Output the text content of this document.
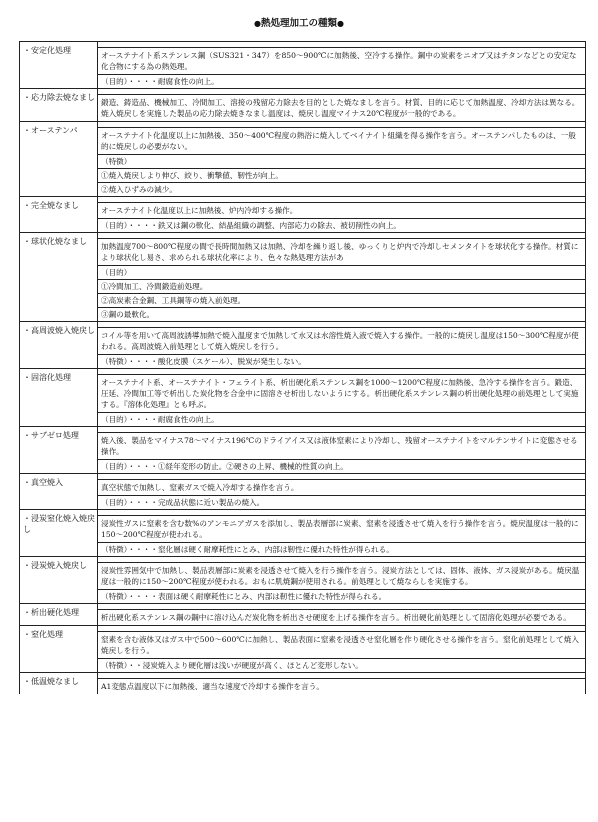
●熱処理加工の種類●
・安定化処理
オーステナイト系ステンレス鋼（SUS321・347）を850～900℃に加熱後、空冷する操作。鋼中の炭素をニオブ又はチタンなどとの安定な化合物にする為の熱処理。
（目的）・・・・耐腐食性の向上。
・応力除去焼なまし
鍛造、鋳造品、機械加工、冷間加工、溶接の残留応力除去を目的とした焼なましを言う。材質、目的に応じて加熱温度、冷却方法は異なる。焼入焼戻しを実施した製品の応力除去焼きなまし温度は、焼戻し温度マイナス20℃程度が一般的である。
・オーステンパ
オーステナイト化温度以上に加熱後、350～400℃程度の熱浴に焼入してベイナイト組織を得る操作を言う。オーステンパしたものは、一般的に焼戻しの必要がない。
（特徴）
①焼入焼戻しより伸び、絞り、衝撃値、靭性が向上。
②焼入ひずみの減少。
・完全焼なまし
オーステナイト化温度以上に加熱後、炉内冷却する操作。
（目的）・・・・鉄又は鋼の軟化、結晶組織の調整、内部応力の除去、被切削性の向上。
・球状化焼なまし
加熱温度700～800℃程度の間で長時間加熱又は加熱、冷却を繰り返し後、ゆっくりと炉内で冷却しセメンタイトを球状化する操作。材質により球状化し易さ、求められる球状化率により、色々な熱処理方法があ
（目的）
①冷間加工、冷間鍛造前処理。
②高炭素合金鋼、工具鋼等の焼入前処理。
③鋼の最軟化。
・高周波焼入焼戻し
コイル等を用いて高周波誘導加熱で焼入温度まで加熱して水又は水溶性焼入液で焼入する操作。一般的に焼戻し温度は150～300℃程度が使われる。高周波焼入前処理として焼入焼戻しを行う。
（特徴）・・・・酸化皮膜（スケール）、脱炭が発生しない。
・固溶化処理
オーステナイト系、オーステナイト・フェライト系、析出硬化系ステンレス鋼を1000～1200℃程度に加熱後、急冷する操作を言う。鍛造、圧延、冷間加工等で析出した炭化物を合金中に固溶させ析出しないようにする。析出硬化系ステンレス鋼の析出硬化処理の前処理として実施する。『溶体化処理』とも呼ぶ。
（目的）・・・・耐腐食性の向上。
・サブゼロ処理
焼入後、製品をマイナス78～マイナス196℃のドライアイス又は液体窒素により冷却し、残留オーステナイトをマルテンサイトに変態させる操作。
（目的）・・・・①経年変形の防止。②硬さの上昇、機械的性質の向上。
・真空焼入
真空状態で加熱し、窒素ガスで焼入冷却する操作を言う。
（目的）・・・・完成品状態に近い製品の焼入。
・浸炭窒化焼入焼戻し
浸炭性ガスに窒素を含む数%のアンモニアガスを添加し、製品表層部に炭素、窒素を浸透させて焼入を行う操作を言う。焼戻温度は一般的に150～200℃程度が使われる。
（特徴）・・・・窒化層は硬く耐摩耗性にとみ、内部は靭性に優れた特性が得られる。
・浸炭焼入焼戻し
浸炭性雰囲気中で加熱し、製品表層部に炭素を浸透させて焼入を行う操作を言う。浸炭方法としては、固体、液体、ガス浸炭がある。焼戻温度は一般的に150～200℃程度が使われる。おもに肌焼鋼が使用される。前処理として焼ならしを実施する。
（特徴）・・・・表面は硬く耐摩耗性にとみ、内部は靭性に優れた特性が得られる。
・析出硬化処理
析出硬化系ステンレス鋼の鋼中に溶け込んだ炭化物を析出させ硬度を上げる操作を言う。析出硬化前処理として固溶化処理が必要である。
・窒化処理
窒素を含む液体又はガス中で500～600℃に加熱し、製品表面に窒素を浸透させ窒化層を作り硬化させる操作を言う。窒化前処理として焼入焼戻しを行う。
（特徴）・・浸炭焼入より硬化層は浅いが硬度が高く、ほとんど変形しない。
・低温焼なまし
A1変態点温度以下に加熱後、適当な速度で冷却する操作を言う。
